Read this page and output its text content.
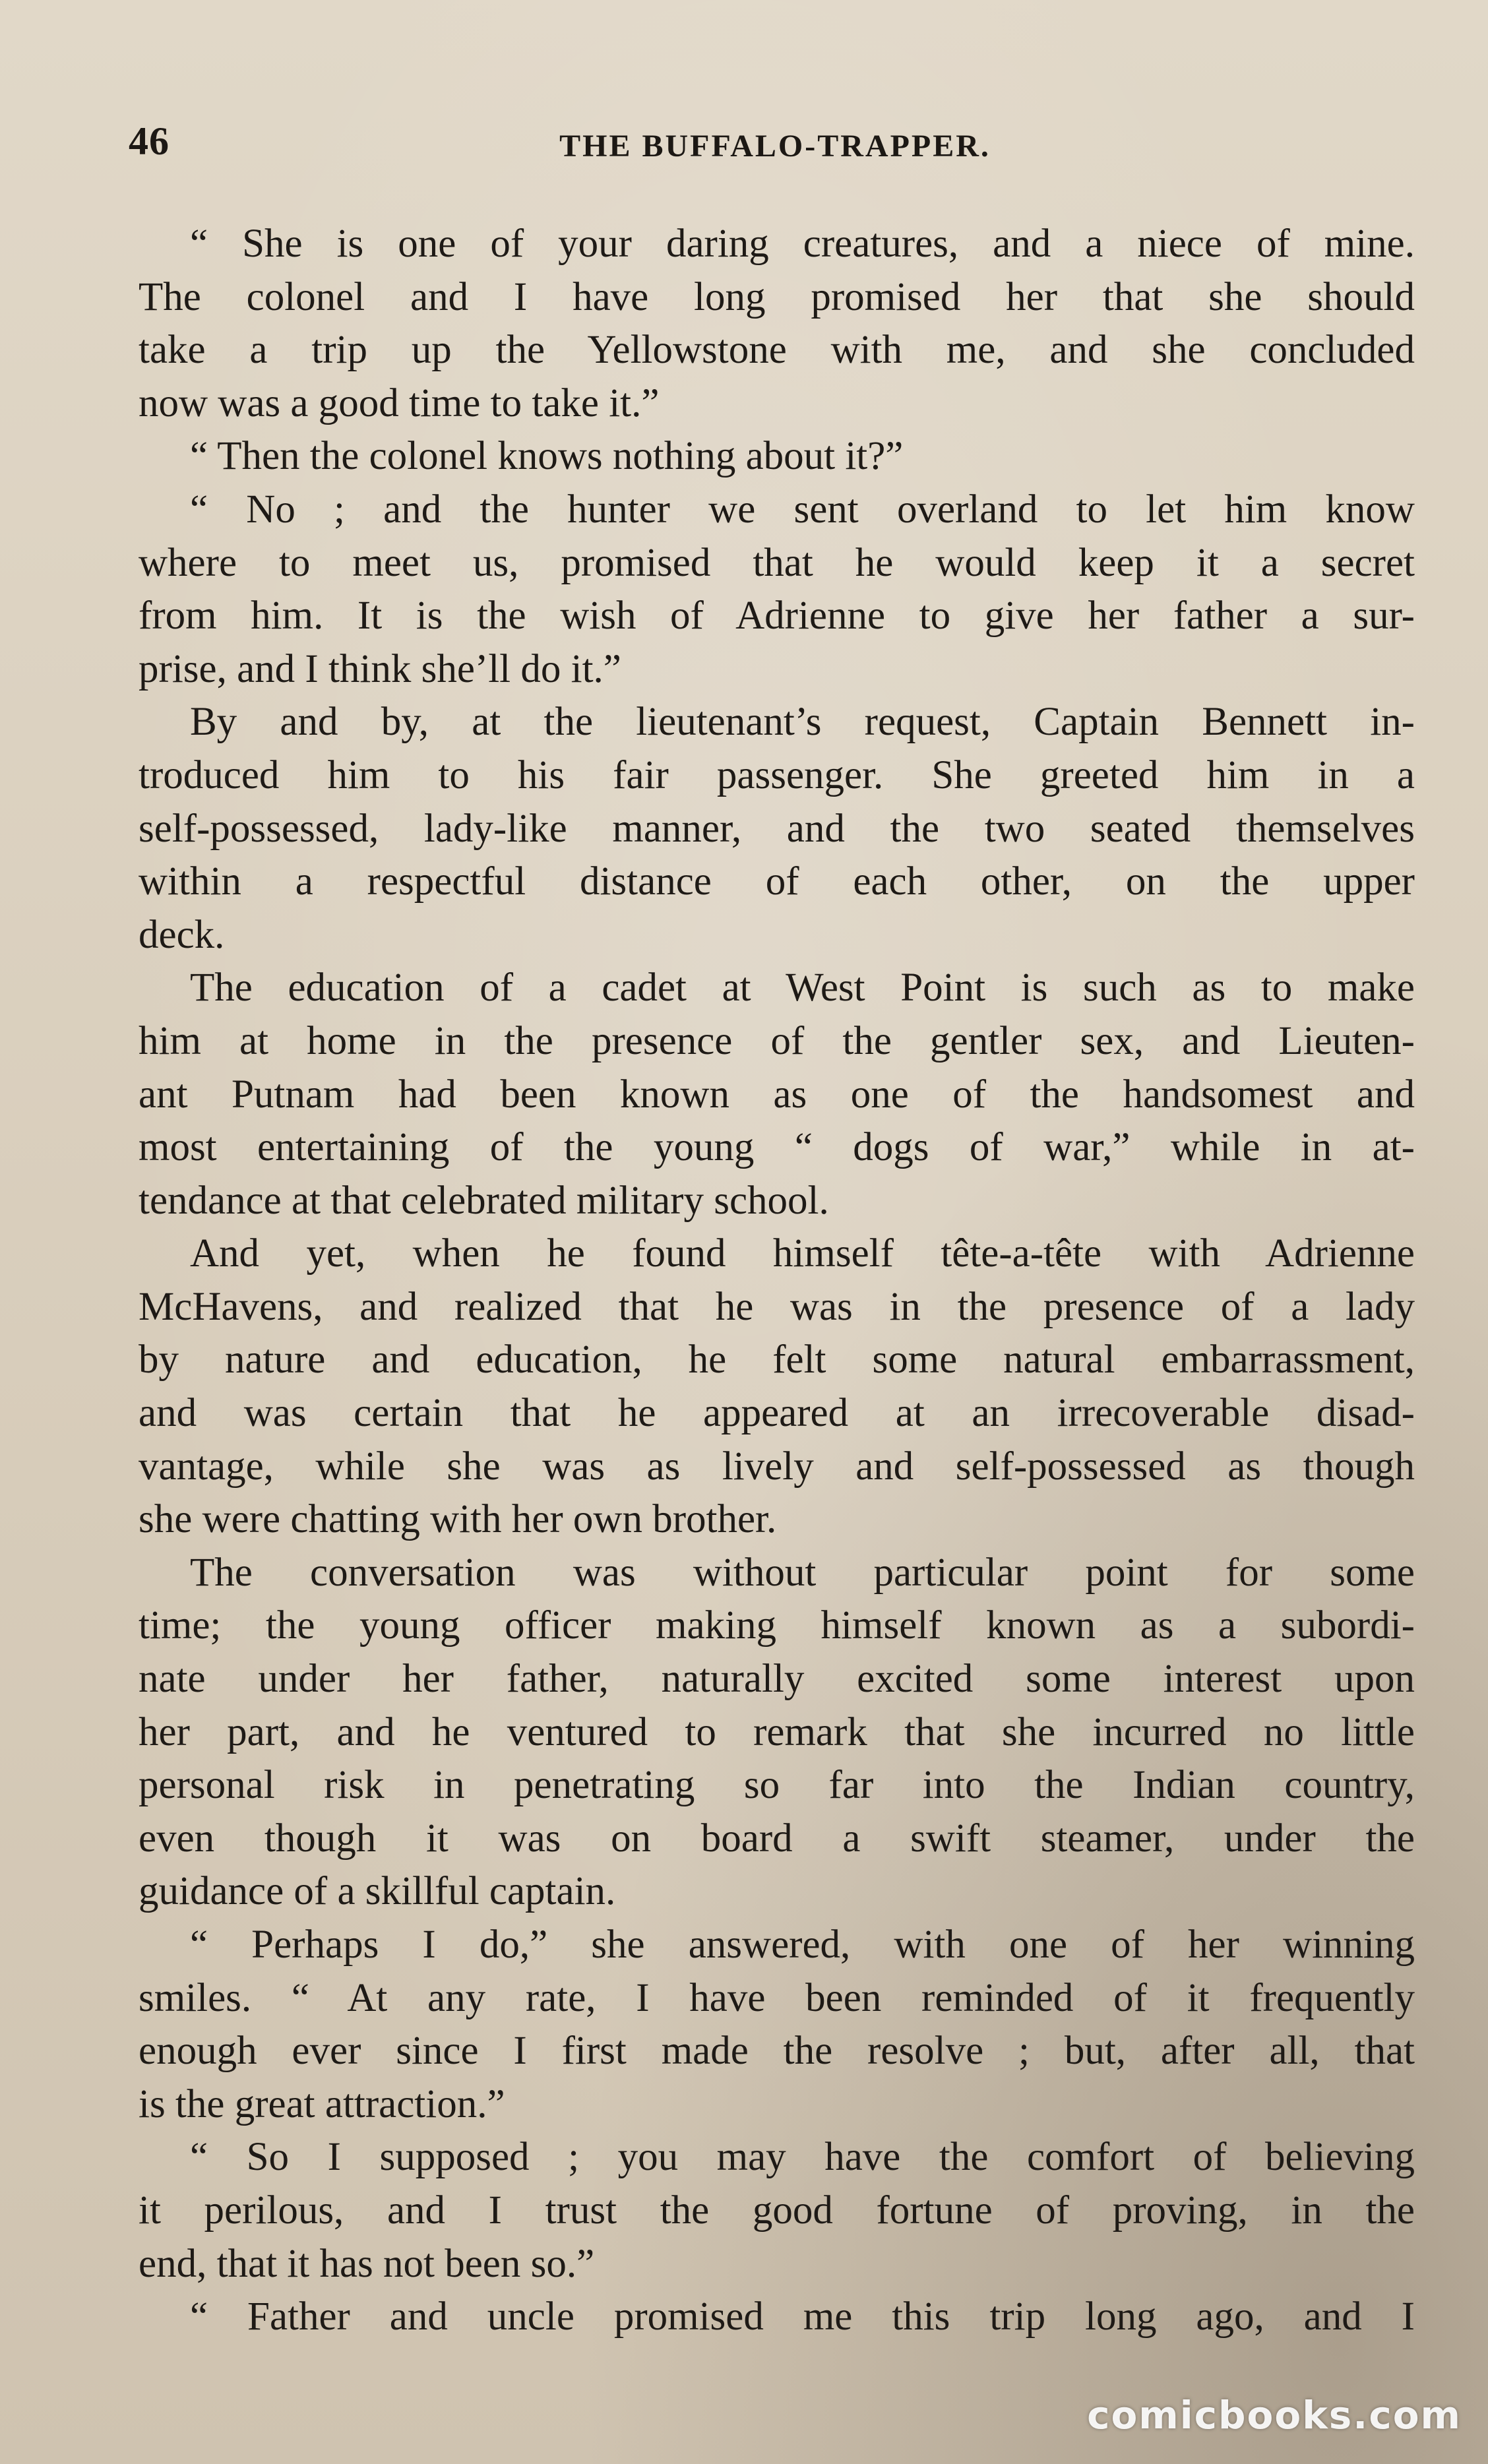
46	THE BUFFALO-TRAPPER.
“ She is one of your daring creatures, and a niece of mine.
The colonel and I have long promised her that she should
take a trip up the Yellowstone with me, and she concluded
now was a good time to take it.”
“ Then the colonel knows nothing about it?”
“ No ; and the hunter we sent overland to let him know
where to meet us, promised that he would keep it a secret
from him. It is the wish of Adrienne to give her father a sur-
prise, and I think she’ll do it.”
By and by, at the lieutenant’s request, Captain Bennett in-
troduced him to his fair passenger. She greeted him in a
self-possessed, lady-like manner, and the two seated themselves
within a respectful distance of each other, on the upper
deck.
The education of a cadet at West Point is such as to make
him at home in the presence of the gentler sex, and Lieuten-
ant Putnam had been known as one of the handsomest and
most entertaining of the young “ dogs of war,” while in at-
tendance at that celebrated military school.
And yet, when he found himself tête-a-tête with Adrienne
McHavens, and realized that he was in the presence of a lady
by nature and education, he felt some natural embarrassment,
and was certain that he appeared at an irrecoverable disad-
vantage, while she was as lively and self-possessed as though
she were chatting with her own brother.
The conversation was without particular point for some
time; the young officer making himself known as a subordi-
nate under her father, naturally excited some interest upon
her part, and he ventured to remark that she incurred no little
personal risk in penetrating so far into the Indian country,
even though it was on board a swift steamer, under the
guidance of a skillful captain.
“ Perhaps I do,” she answered, with one of her winning
smiles. “ At any rate, I have been reminded of it frequently
enough ever since I first made the resolve ; but, after all, that
is the great attraction.”
“ So I supposed ; you may have the comfort of believing
it perilous, and I trust the good fortune of proving, in the
end, that it has not been so.”
“ Father and uncle promised me this trip long ago, and I
comicbooks.com
